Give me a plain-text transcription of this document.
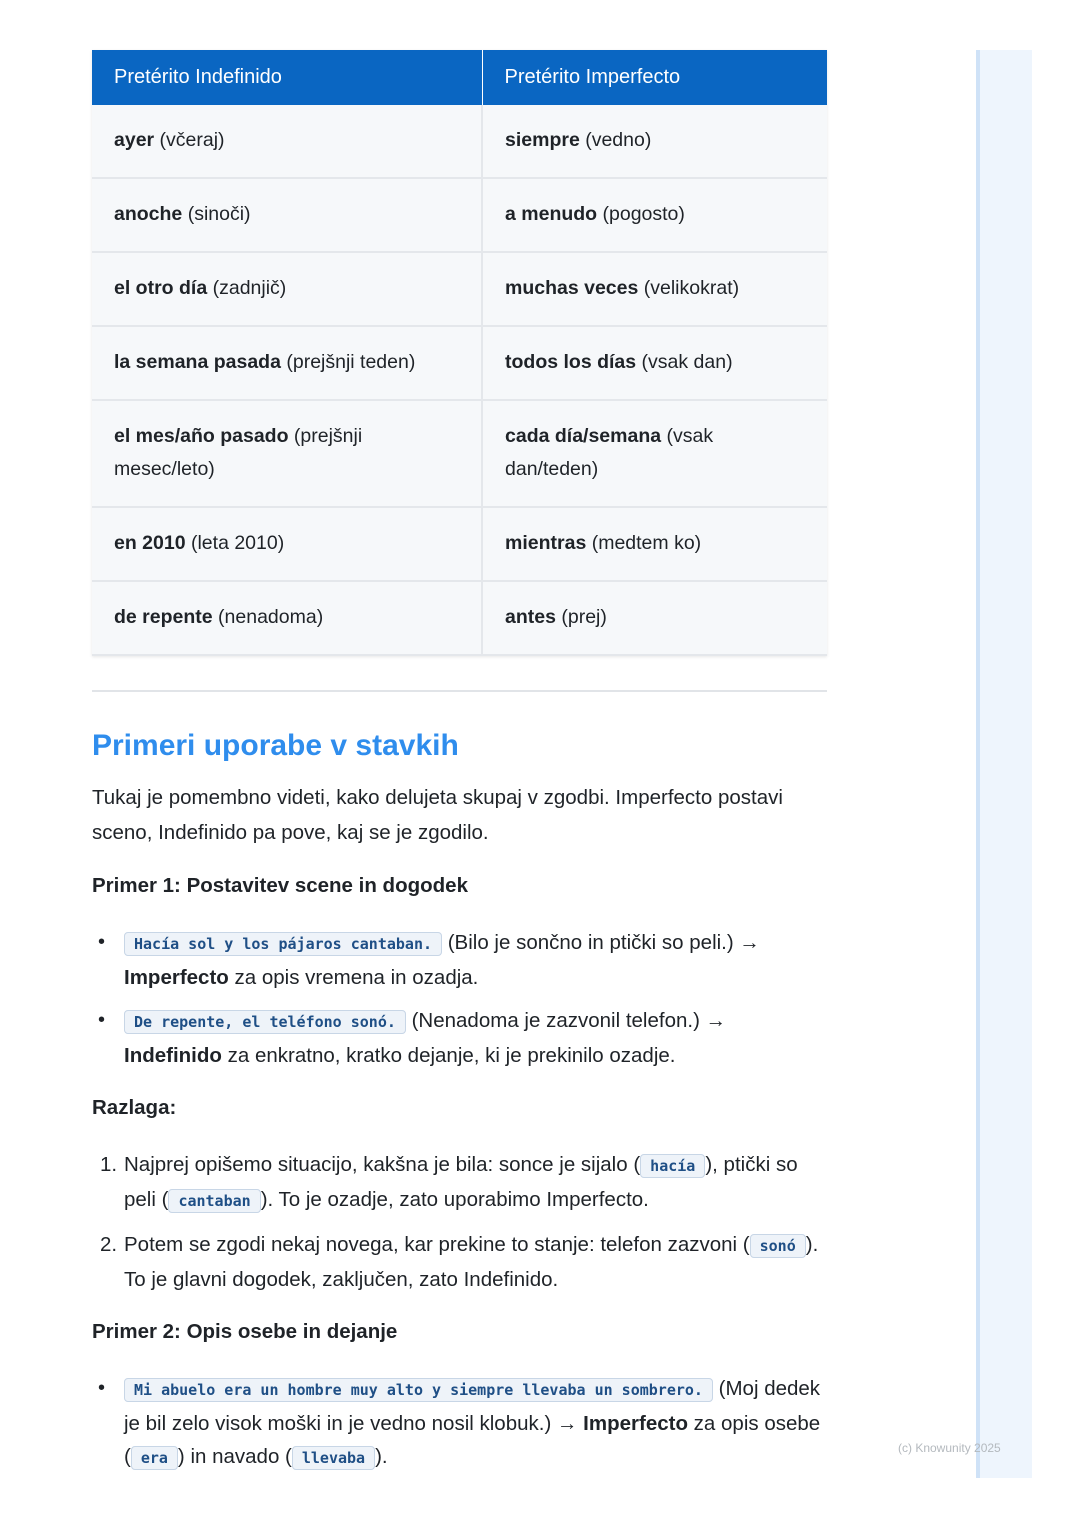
Pretérito Indefinido	Pretérito Imperfecto
ayer (včeraj)	siempre (vedno)
anoche (sinoči)	a menudo (pogosto)
el otro día (zadnjič)	muchas veces (velikokrat)
la semana pasada (prejšnji teden)	todos los días (vsak dan)
el mes/año pasado (prejšnji mesec/leto)	cada día/semana (vsak dan/teden)
en 2010 (leta 2010)	mientras (medtem ko)
de repente (nenadoma)	antes (prej)
Primeri uporabe v stavkih

Tukaj je pomembno videti, kako delujeta skupaj v zgodbi. Imperfecto postavi sceno, Indefinido pa pove, kaj se je zgodilo.

Primer 1: Postavitev scene in dogodek
• Hacía sol y los pájaros cantaban. (Bilo je sončno in ptički so peli.) → Imperfecto za opis vremena in ozadja.
• De repente, el teléfono sonó. (Nenadoma je zazvonil telefon.) → Indefinido za enkratno, kratko dejanje, ki je prekinilo ozadje.
Razlaga:
1. Najprej opišemo situacijo, kakšna je bila: sonce je sijalo ( hacía ), ptički so peli ( cantaban ). To je ozadje, zato uporabimo Imperfecto.
2. Potem se zgodi nekaj novega, kar prekine to stanje: telefon zazvoni ( sonó ). To je glavni dogodek, zaključen, zato Indefinido.
Primer 2: Opis osebe in dejanje
• Mi abuelo era un hombre muy alto y siempre llevaba un sombrero. (Moj dedek je bil zelo visok moški in je vedno nosil klobuk.) → Imperfecto za opis osebe ( era ) in navado ( llevaba ).	(c) Knowunity 2025
